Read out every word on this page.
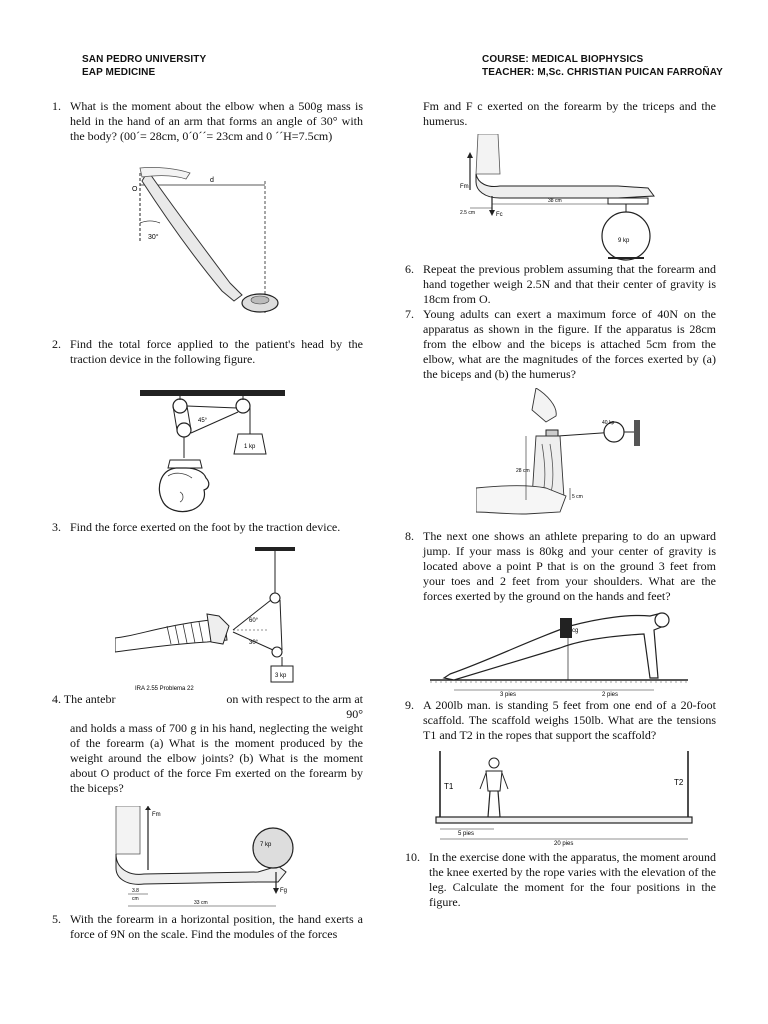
SAN PEDRO UNIVERSITY
EAP MEDICINE
COURSE: MEDICAL BIOPHYSICS
TEACHER: M,Sc. CHRISTIAN PUICAN FARROÑAY
1. What is the moment about the elbow when a 500g mass is held in the hand of an arm that forms an angle of 30° with the body? (00´= 28cm, 0´0´´= 23cm and 0 ´´H=7.5cm)
30°
O
d
2. Find the total force applied to the patient's head by the traction device in the following figure.
1 kp
45°
3. Find the force exerted on the foot by the traction device.
3 kp
60°
30°
IRA 2.55 Problema 22
4. The antebr	on with respect to the arm at 90°
and holds a mass of 700 g in his hand, neglecting the weight of the forearm (a) What is the moment produced by the weight around the elbow joints? (b) What is the moment about O product of the force Fm exerted on the forearm by the biceps?
Fm
7 kp
Fg
3.8
cm
33 cm
5. With the forearm in a horizontal position, the hand exerts a force of 9N on the scale. Find the modules of the forces
Fm and F c exerted on the forearm by the triceps and the humerus.
Fm
Fc
2.5 cm
38 cm
9 kp
6. Repeat the previous problem assuming that the forearm and hand together weigh 2.5N and that their center of gravity is 18cm from O.
7. Young adults can exert a maximum force of 40N on the apparatus as shown in the figure. If the apparatus is 28cm from the elbow and the biceps is attached 5cm from the elbow, what are the magnitudes of the forces exerted by (a) the biceps and (b) the humerus?
40 kp
28 cm
5 cm
8. The next one shows an athlete preparing to do an upward jump. If your mass is 80kg and your center of gravity is located above a point P that is on the ground 3 feet from your toes and 2 feet from your shoulders. What are the forces exerted by the ground on the hands and feet?
cg
3 pies	2 pies
9. A 200lb man. is standing 5 feet from one end of a 20-foot scaffold. The scaffold weighs 150lb. What are the tensions T1 and T2 in the ropes that support the scaffold?
T1	T2
5 pies
20 pies
10. In the exercise done with the apparatus, the moment around the knee exerted by the rope varies with the elevation of the leg. Calculate the moment for the four positions in the figure.
